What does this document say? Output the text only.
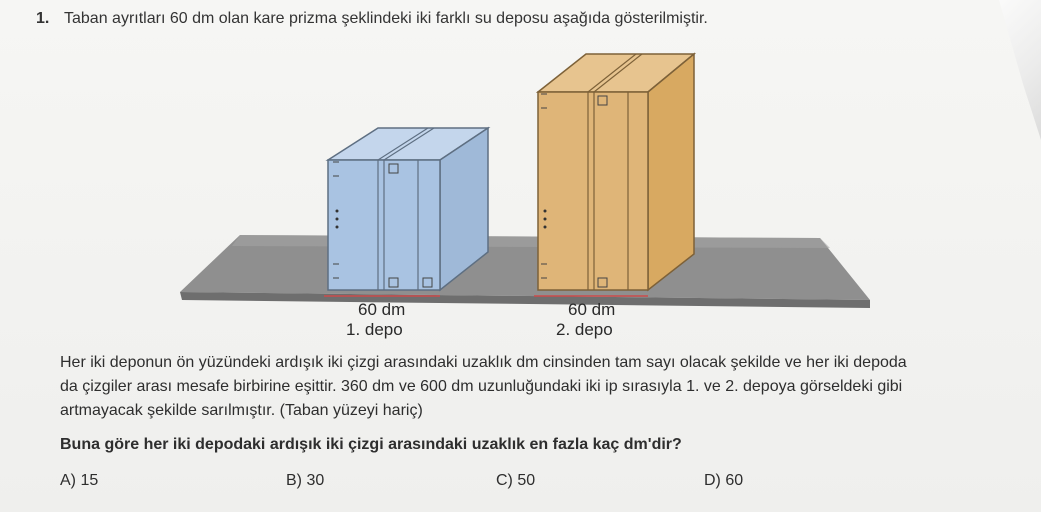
1. Taban ayrıtları 60 dm olan kare prizma şeklindeki iki farklı su deposu aşağıda gösterilmiştir.
60 dm
1. depo
60 dm
2. depo
Her iki deponun ön yüzündeki ardışık iki çizgi arasındaki uzaklık dm cinsinden tam sayı olacak şekilde ve her iki depoda
da çizgiler arası mesafe birbirine eşittir. 360 dm ve 600 dm uzunluğundaki iki ip sırasıyla 1. ve 2. depoya görseldeki gibi
artmayacak şekilde sarılmıştır. (Taban yüzeyi hariç)
Buna göre her iki depodaki ardışık iki çizgi arasındaki uzaklık en fazla kaç dm'dir?
A) 15	B) 30	C) 50	D) 60
